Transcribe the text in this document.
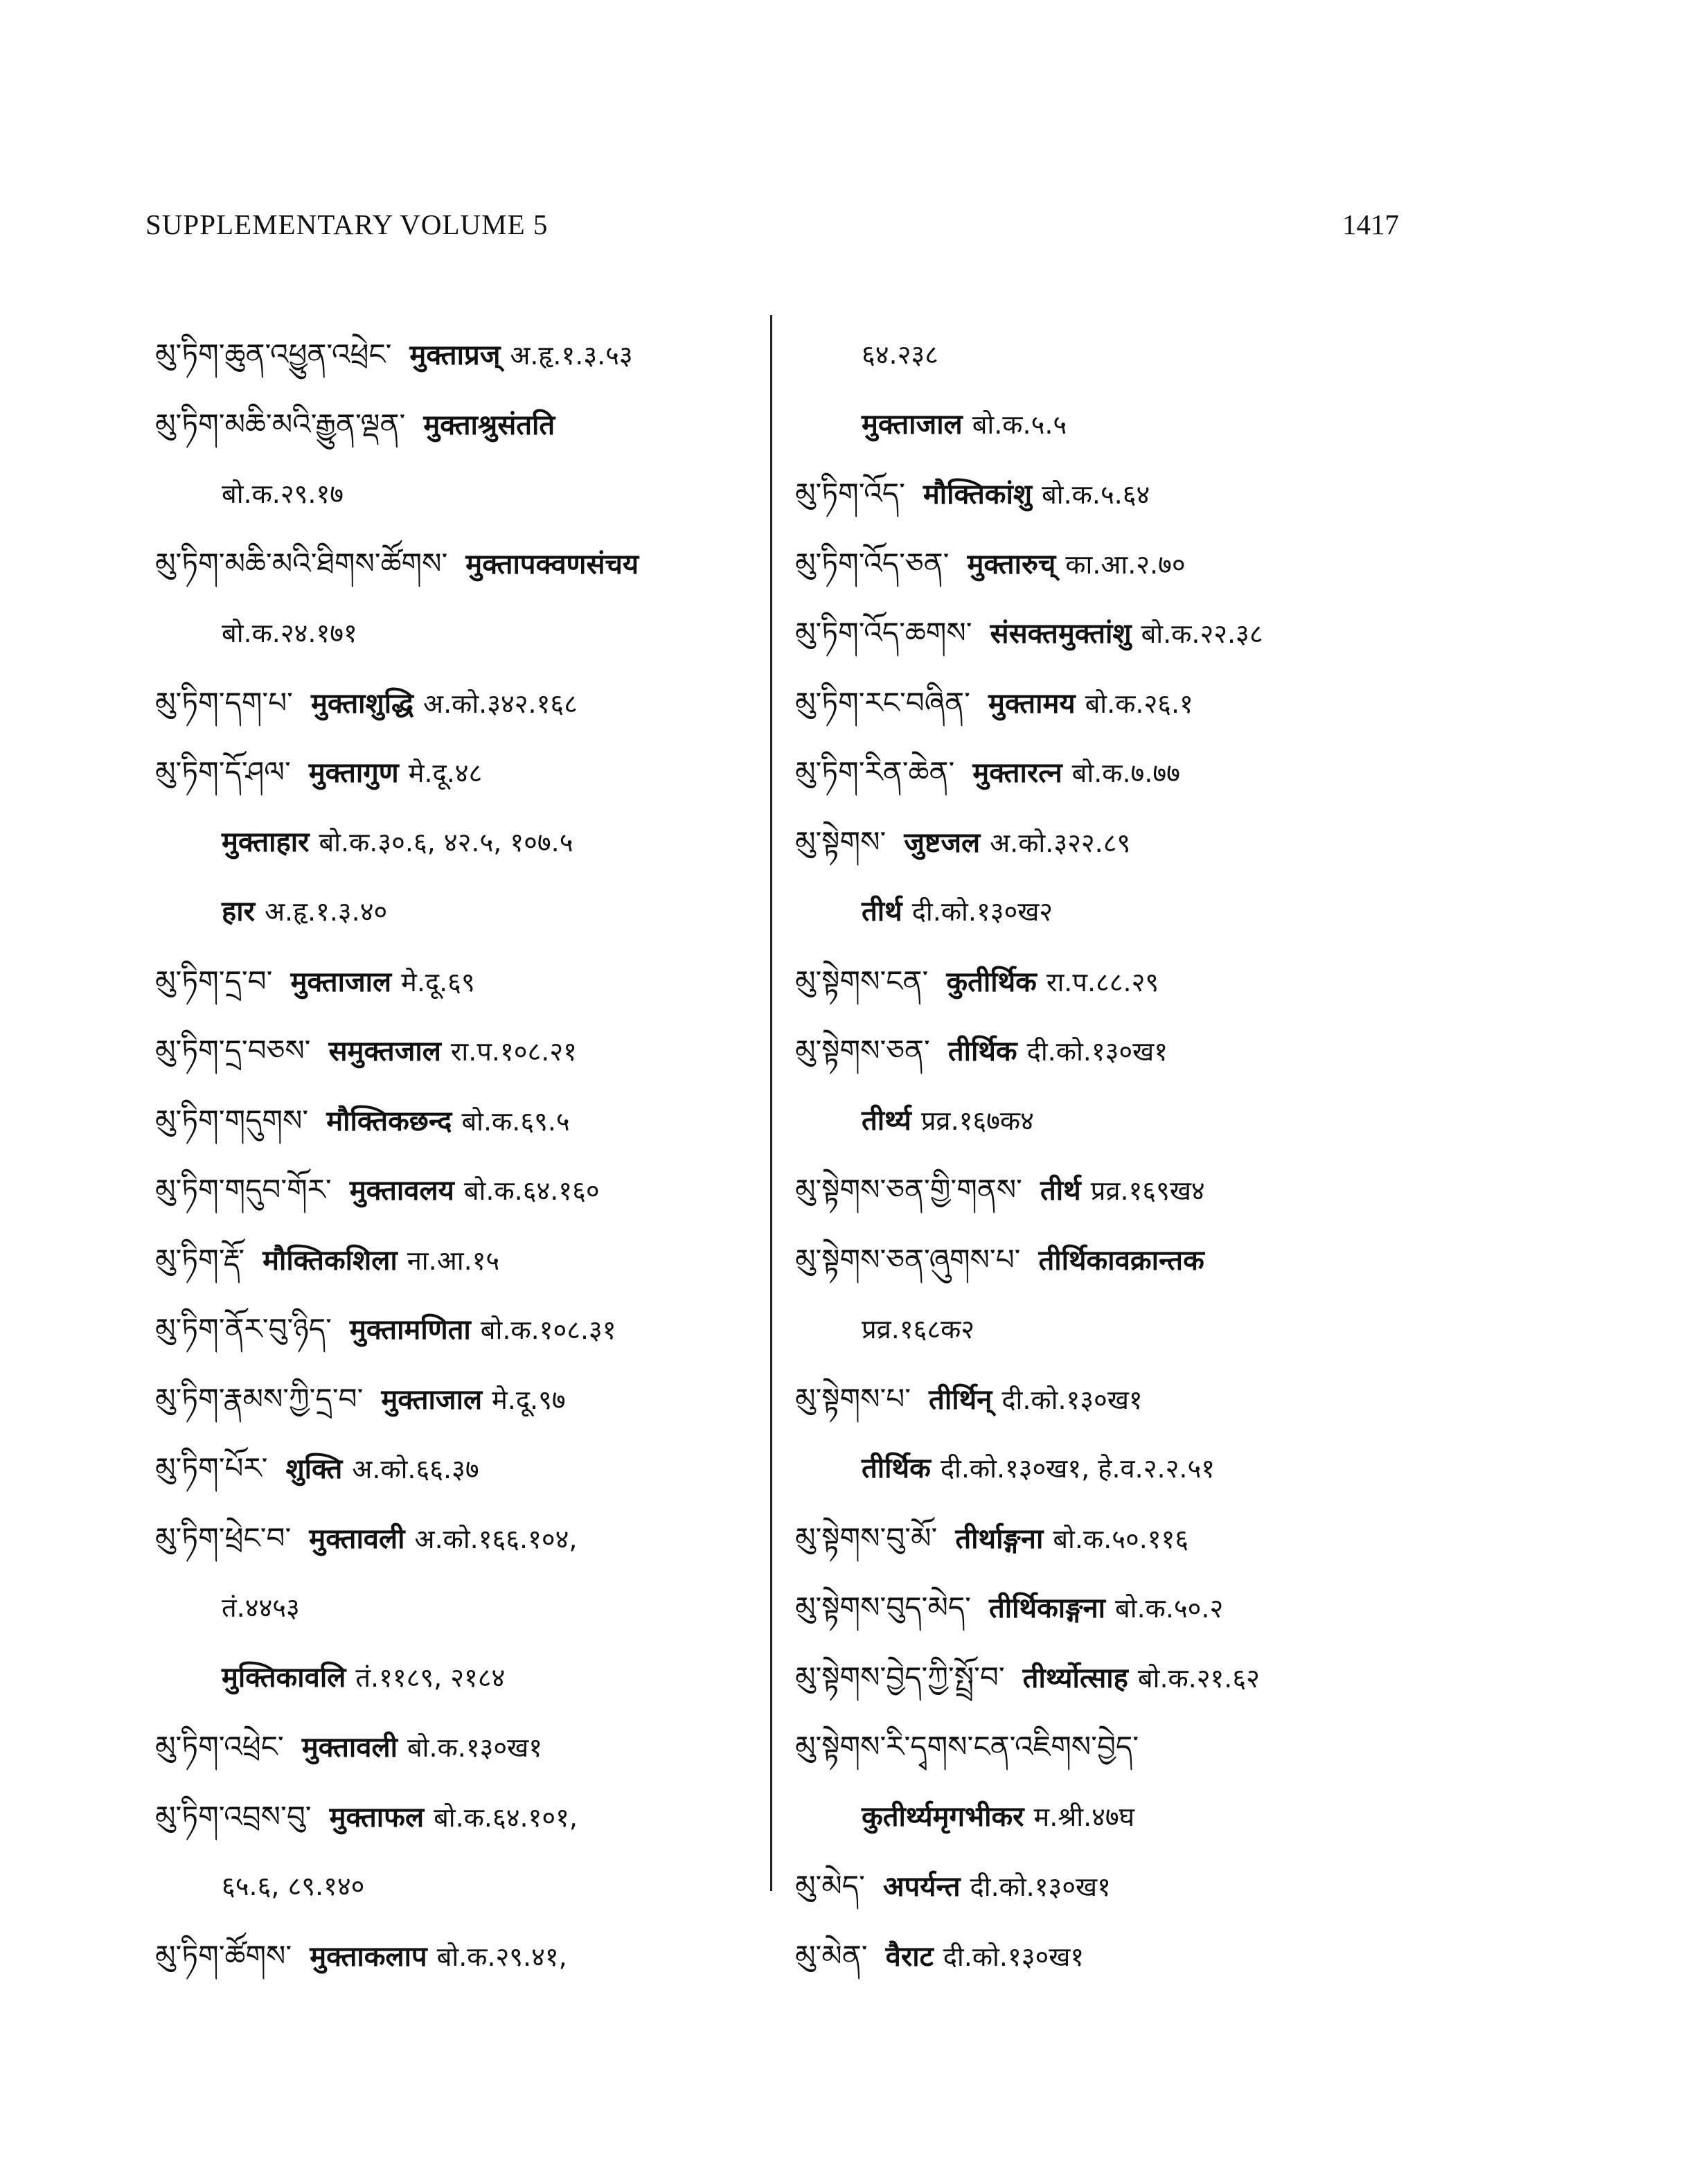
SUPPLEMENTARY VOLUME 5	1417
མུ་ཏིག་ཆུན་འཕྱུན་འཕྲེང་ मुक्ताप्रज् अ.हृ.१.३.५३
མུ་ཏིག་མཆི་མའི་རྒྱུན་ལྡན་ मुक्ताश्रुसंतति
बो.क.२९.१७
མུ་ཏིག་མཆི་མའི་ཐིགས་ཚོགས་ मुक्तापक्वणसंचय
बो.क.२४.१७१
མུ་ཏིག་དག་པ་ मुक्ताशुद्धि अ.को.३४२.१६८
མུ་ཏིག་དོ་ཤལ་ मुक्तागुण मे.दू.४८
मुक्ताहार बो.क.३०.६, ४२.५, १०७.५
हार अ.हृ.१.३.४०
མུ་ཏིག་དྲ་བ་ मुक्ताजाल मे.दू.६९
མུ་ཏིག་དྲ་བཅས་ समुक्तजाल रा.प.१०८.२१
མུ་ཏིག་གདུགས་ मौक्तिकछन्द बो.क.६९.५
མུ་ཏིག་གདུབ་གོར་ मुक्तावलय बो.क.६४.१६०
མུ་ཏིག་རྡོ་ मौक्तिकशिला ना.आ.१५
མུ་ཏིག་ནོར་བུ་ཉིད་ मुक्तामणिता बो.क.१०८.३१
མུ་ཏིག་རྣམས་ཀྱི་དྲ་བ་ मुक्ताजाल मे.दू.९७
མུ་ཏིག་པོར་ शुक्ति अ.को.६६.३७
མུ་ཏིག་ཕྲེང་བ་ मुक्तावली अ.को.१६६.१०४,
तं.४४५३
मुक्तिकावलि तं.११८९, २१८४
མུ་ཏིག་འཕྲེང་ मुक्तावली बो.क.१३०ख१
མུ་ཏིག་འབྲས་བུ་ मुक्ताफल बो.क.६४.१०१,
६५.६, ८९.१४०
མུ་ཏིག་ཚོགས་ मुक्ताकलाप बो.क.२९.४१,
६४.२३८
मुक्ताजाल बो.क.५.५
མུ་ཏིག་འོད་ मौक्तिकांशु बो.क.५.६४
མུ་ཏིག་འོད་ཅན་ मुक्तारुच् का.आ.२.७०
མུ་ཏིག་འོད་ཆགས་ संसक्तमुक्तांशु बो.क.२२.३८
མུ་ཏིག་རང་བཞིན་ मुक्तामय बो.क.२६.१
མུ་ཏིག་རིན་ཆེན་ मुक्तारत्न बो.क.७.७७
མུ་སྟེགས་ जुष्टजल अ.को.३२२.८९
तीर्थ दी.को.१३०ख२
མུ་སྟེགས་ངན་ कुतीर्थिक रा.प.८८.२९
མུ་སྟེགས་ཅན་ तीर्थिक दी.को.१३०ख१
तीर्थ्य प्रव्र.१६७क४
མུ་སྟེགས་ཅན་གྱི་གནས་ तीर्थ प्रव्र.१६९ख४
མུ་སྟེགས་ཅན་ཞུགས་པ་ तीर्थिकावक्रान्तक
प्रव्र.१६८क२
མུ་སྟེགས་པ་ तीर्थिन् दी.को.१३०ख१
तीर्थिक दी.को.१३०ख१, हे.व.२.२.५१
མུ་སྟེགས་བུ་མོ་ तीर्थाङ्गना बो.क.५०.११६
མུ་སྟེགས་བུད་མེད་ तीर्थिकाङ्गना बो.क.५०.२
མུ་སྟེགས་བྱེད་ཀྱི་སྤྲོ་བ་ तीर्थ्योत्साह बो.क.२१.६२
མུ་སྟེགས་རི་དྭགས་ངན་འཇིགས་བྱེད་
कुतीर्थ्यमृगभीकर म.श्री.४७घ
མུ་མེད་ अपर्यन्त दी.को.१३०ख१
མུ་མེན་ वैराट दी.को.१३०ख१
